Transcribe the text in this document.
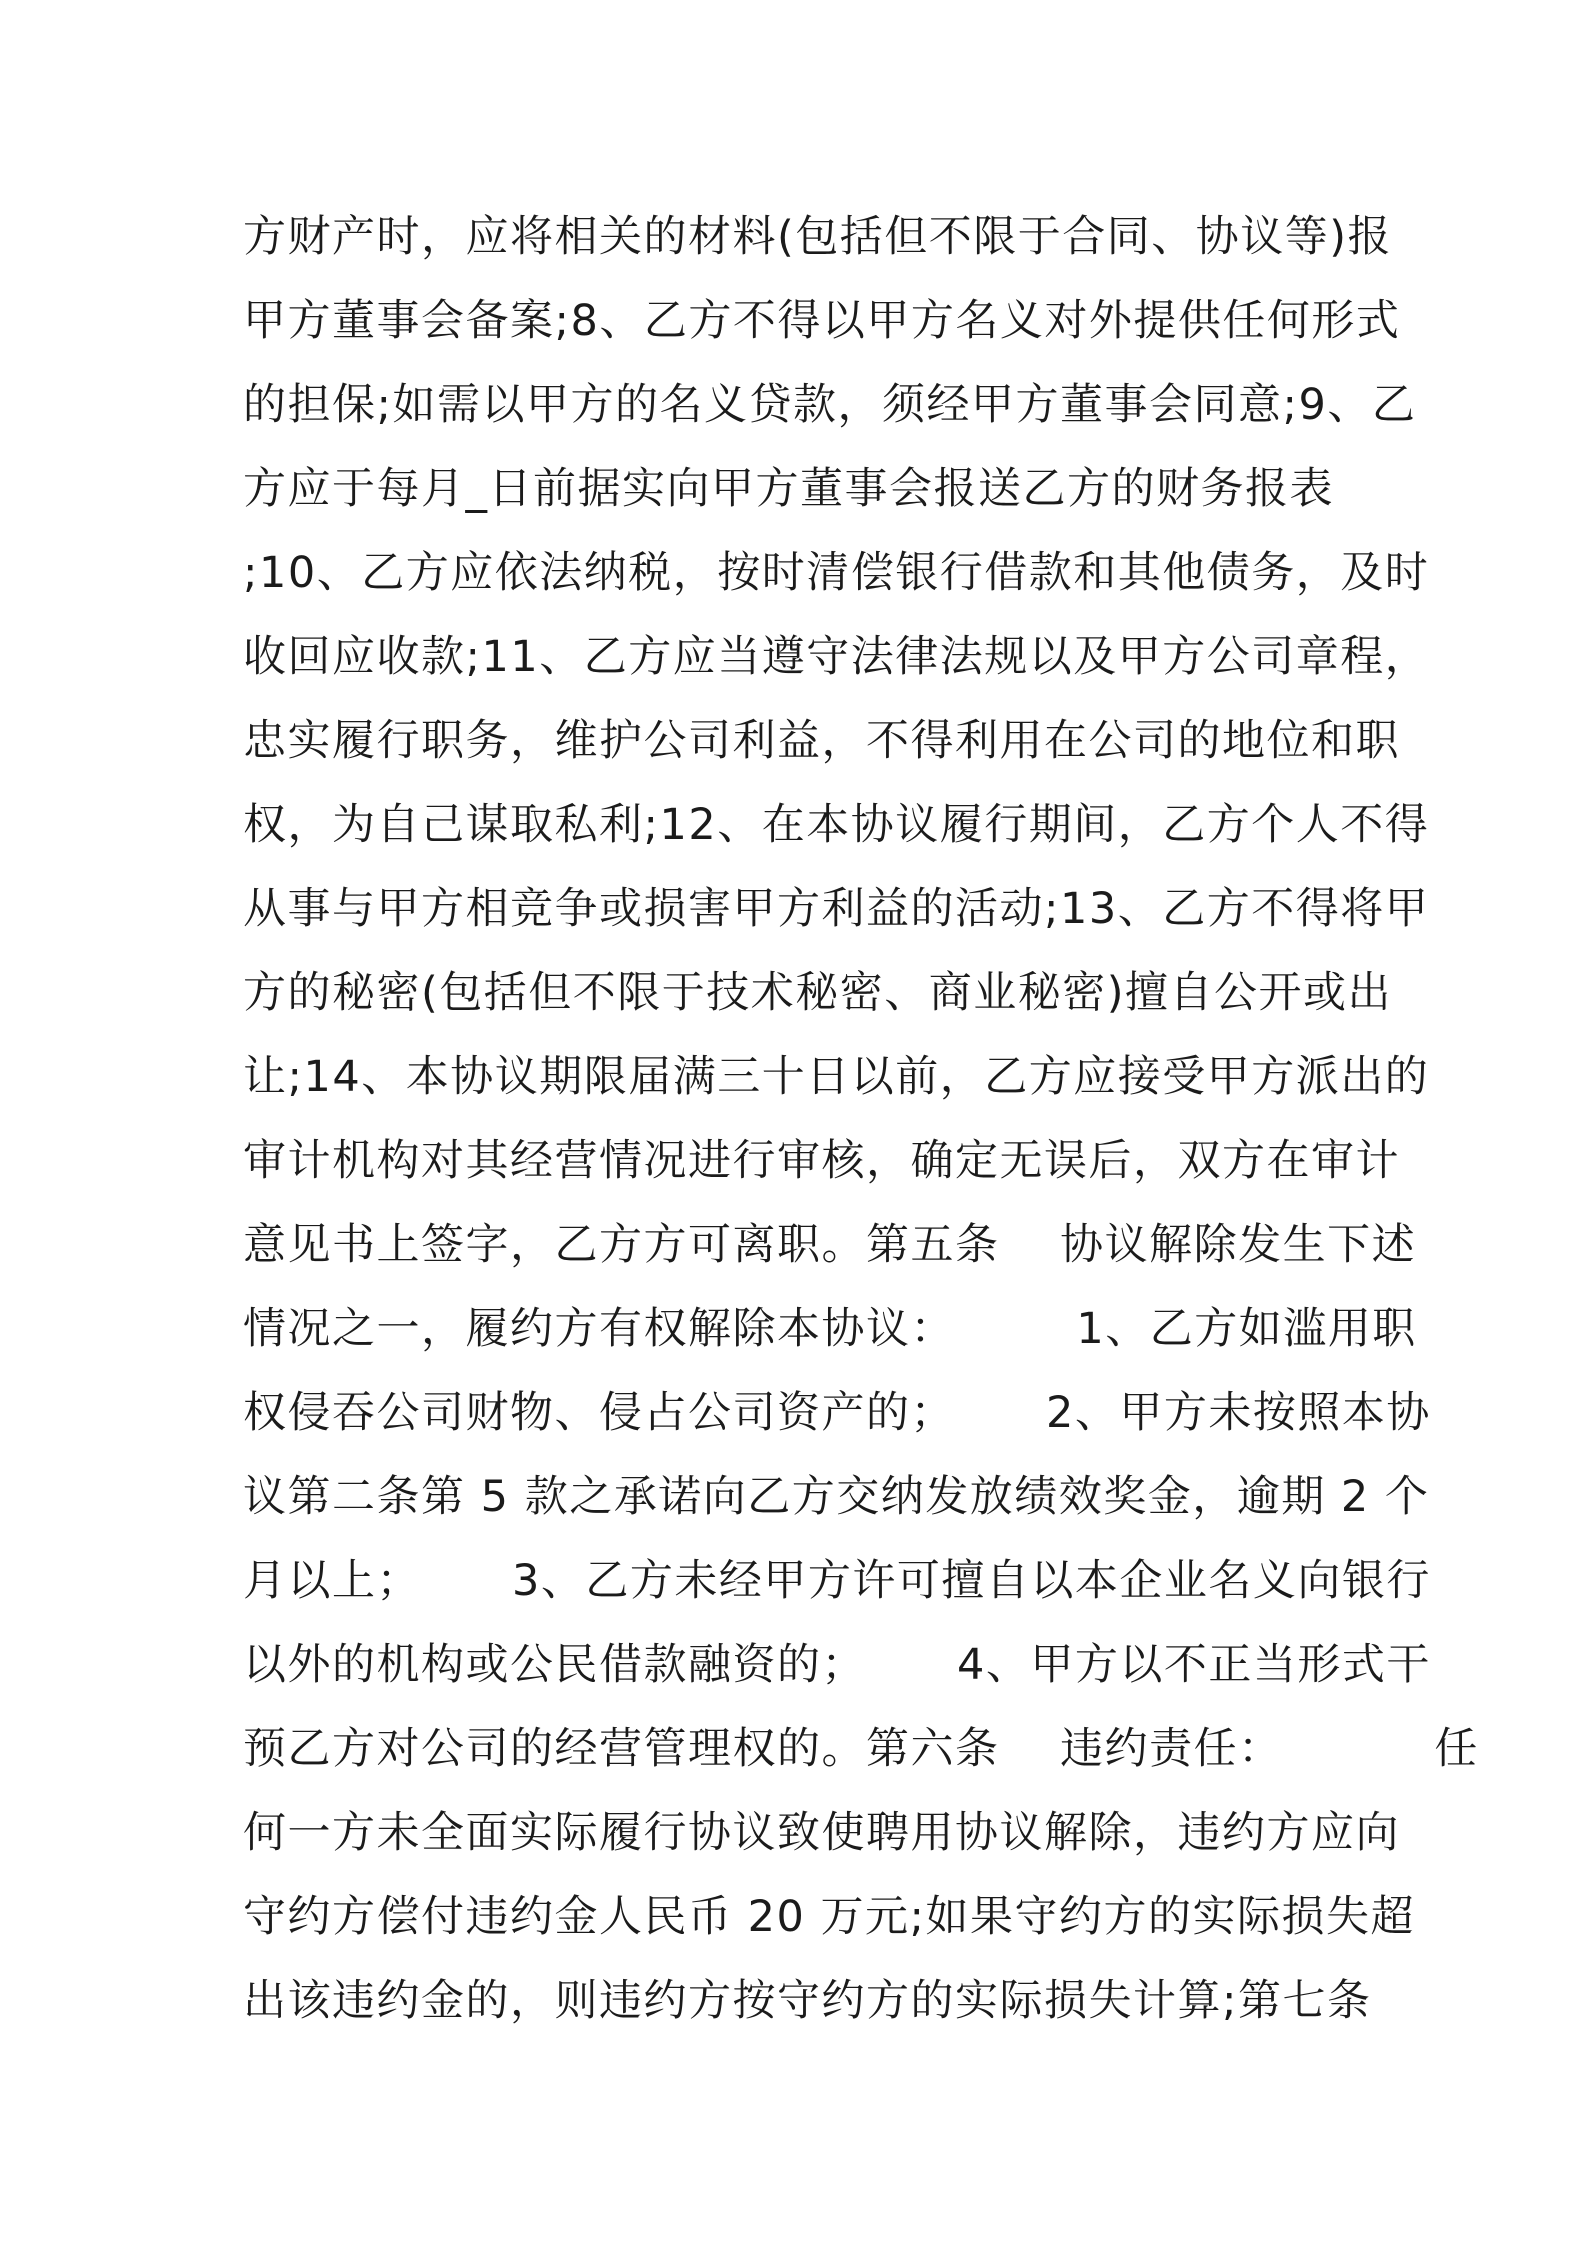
方财产时，应将相关的材料(包括但不限于合同、协议等)报
甲方董事会备案;8、乙方不得以甲方名义对外提供任何形式
的担保;如需以甲方的名义贷款，须经甲方董事会同意;9、乙
方应于每月_日前据实向甲方董事会报送乙方的财务报表
;10、乙方应依法纳税，按时清偿银行借款和其他债务，及时
收回应收款;11、乙方应当遵守法律法规以及甲方公司章程，
忠实履行职务，维护公司利益，不得利用在公司的地位和职
权，为自己谋取私利;12、在本协议履行期间，乙方个人不得
从事与甲方相竞争或损害甲方利益的活动;13、乙方不得将甲
方的秘密(包括但不限于技术秘密、商业秘密)擅自公开或出
让;14、本协议期限届满三十日以前，乙方应接受甲方派出的
审计机构对其经营情况进行审核，确定无误后，双方在审计
意见书上签字，乙方方可离职。第五条    协议解除发生下述
情况之一，履约方有权解除本协议：        1、乙方如滥用职
权侵吞公司财物、侵占公司资产的；      2、甲方未按照本协
议第二条第 5 款之承诺向乙方交纳发放绩效奖金，逾期 2 个
月以上；      3、乙方未经甲方许可擅自以本企业名义向银行
以外的机构或公民借款融资的；      4、甲方以不正当形式干
预乙方对公司的经营管理权的。第六条    违约责任：          任
何一方未全面实际履行协议致使聘用协议解除，违约方应向
守约方偿付违约金人民币 20 万元;如果守约方的实际损失超
出该违约金的，则违约方按守约方的实际损失计算;第七条
